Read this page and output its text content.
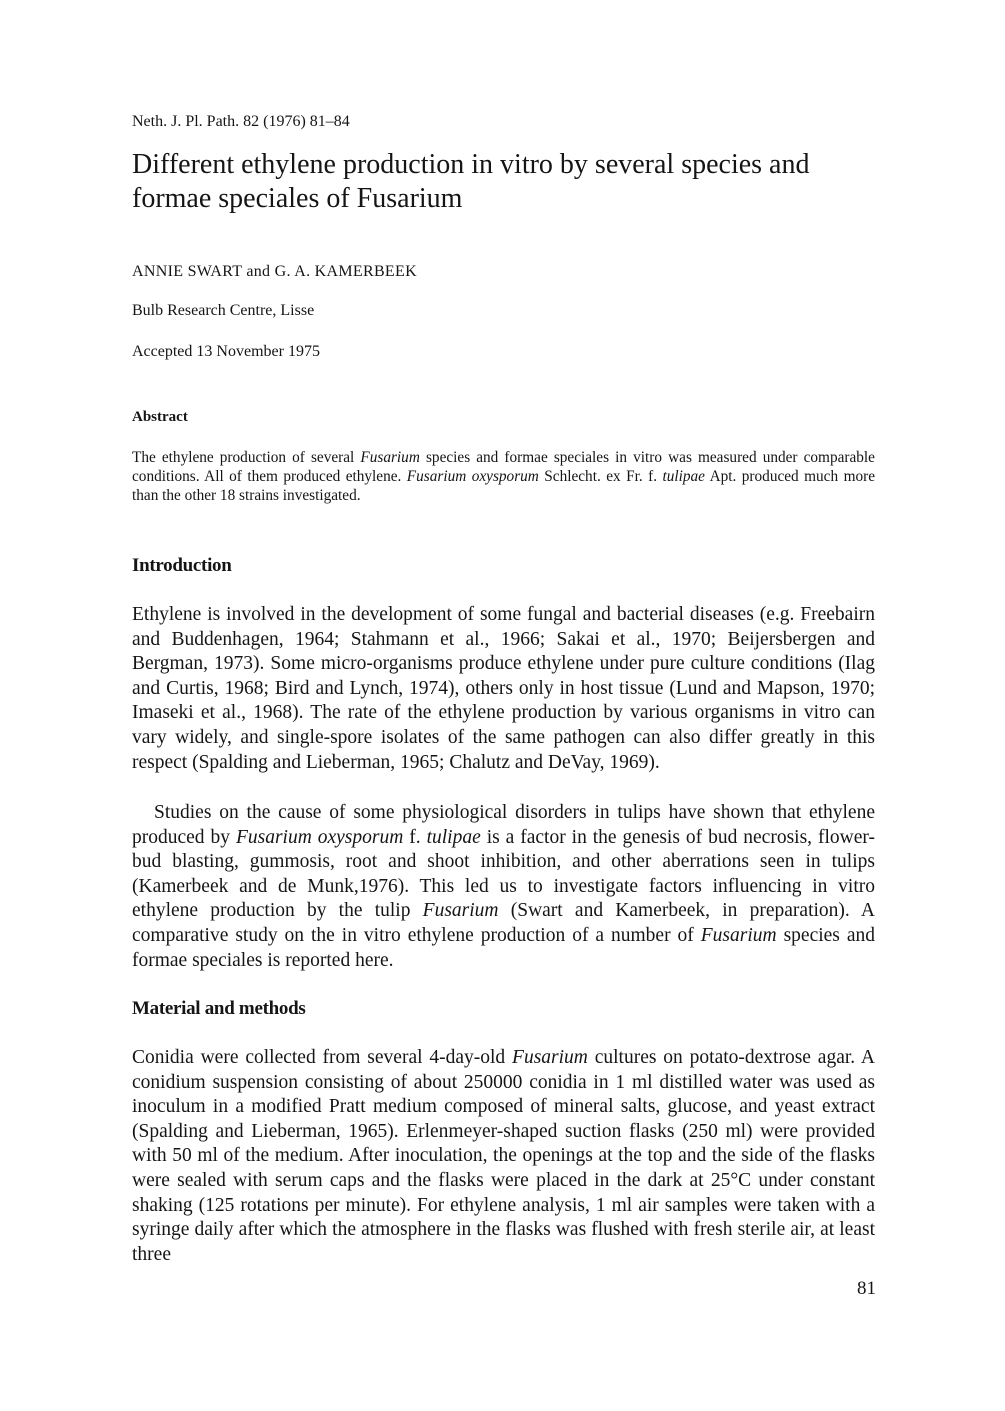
Neth. J. Pl. Path. 82 (1976) 81–84
Different ethylene production in vitro by several species and formae speciales of Fusarium
ANNIE SWART and G. A. KAMERBEEK
Bulb Research Centre, Lisse
Accepted 13 November 1975
Abstract

The ethylene production of several Fusarium species and formae speciales in vitro was measured under comparable conditions. All of them produced ethylene. Fusarium oxysporum Schlecht. ex Fr. f. tulipae Apt. produced much more than the other 18 strains investigated.

Introduction

Ethylene is involved in the development of some fungal and bacterial diseases (e.g. Freebairn and Buddenhagen, 1964; Stahmann et al., 1966; Sakai et al., 1970; Beijersbergen and Bergman, 1973). Some micro-organisms produce ethylene under pure culture conditions (Ilag and Curtis, 1968; Bird and Lynch, 1974), others only in host tissue (Lund and Mapson, 1970; Imaseki et al., 1968). The rate of the ethylene production by various organisms in vitro can vary widely, and single-spore isolates of the same pathogen can also differ greatly in this respect (Spalding and Lieberman, 1965; Chalutz and DeVay, 1969).

Studies on the cause of some physiological disorders in tulips have shown that ethylene produced by Fusarium oxysporum f. tulipae is a factor in the genesis of bud necrosis, flower-bud blasting, gummosis, root and shoot inhibition, and other aberrations seen in tulips (Kamerbeek and de Munk,1976). This led us to investigate factors influencing in vitro ethylene production by the tulip Fusarium (Swart and Kamerbeek, in preparation). A comparative study on the in vitro ethylene production of a number of Fusarium species and formae speciales is reported here.

Material and methods

Conidia were collected from several 4-day-old Fusarium cultures on potato-dextrose agar. A conidium suspension consisting of about 250000 conidia in 1 ml distilled water was used as inoculum in a modified Pratt medium composed of mineral salts, glucose, and yeast extract (Spalding and Lieberman, 1965). Erlenmeyer-shaped suction flasks (250 ml) were provided with 50 ml of the medium. After inoculation, the openings at the top and the side of the flasks were sealed with serum caps and the flasks were placed in the dark at 25°C under constant shaking (125 rotations per minute). For ethylene analysis, 1 ml air samples were taken with a syringe daily after which the atmosphere in the flasks was flushed with fresh sterile air, at least three

81
